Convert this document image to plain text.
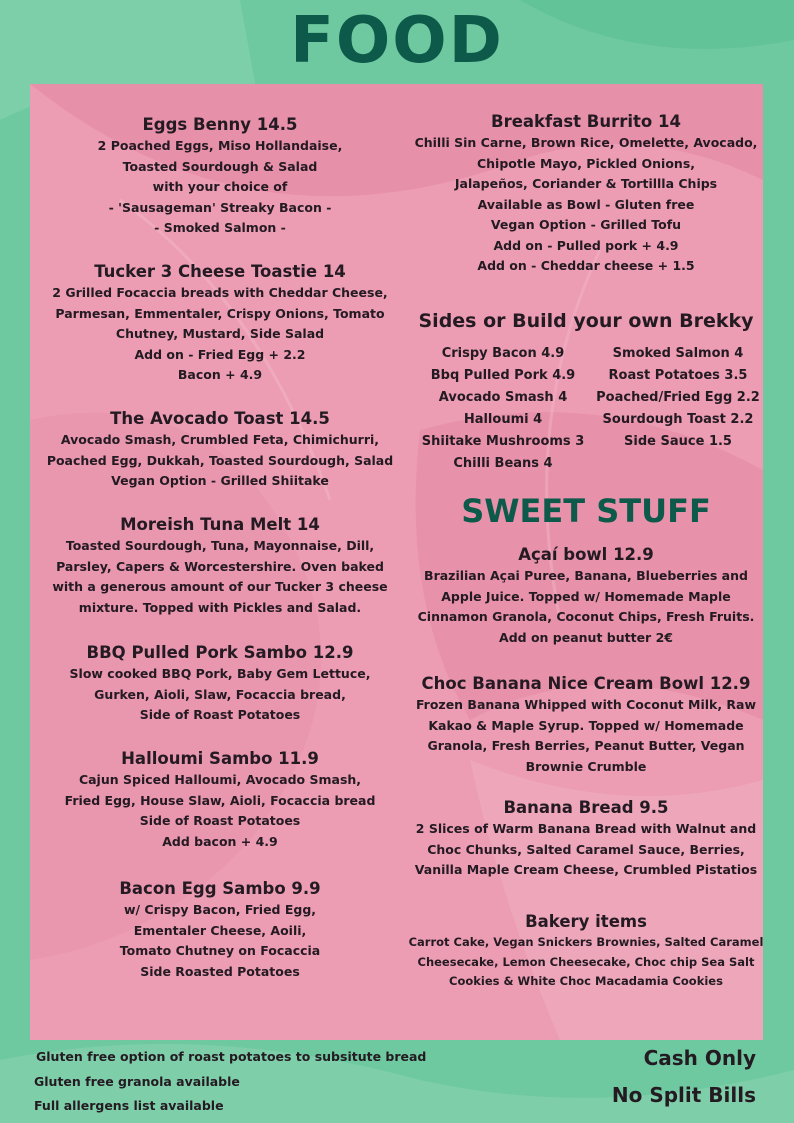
FOOD
Eggs Benny 14.5
2 Poached Eggs, Miso Hollandaise,
Toasted Sourdough & Salad
with your choice of
- 'Sausageman' Streaky Bacon -
- Smoked Salmon -
Tucker 3 Cheese Toastie 14
2 Grilled Focaccia breads with Cheddar Cheese,
Parmesan, Emmentaler, Crispy Onions, Tomato
Chutney, Mustard, Side Salad
Add on - Fried Egg + 2.2
Bacon + 4.9
The Avocado Toast 14.5
Avocado Smash, Crumbled Feta, Chimichurri,
Poached Egg, Dukkah, Toasted Sourdough, Salad
Vegan Option - Grilled Shiitake
Moreish Tuna Melt 14
Toasted Sourdough, Tuna, Mayonnaise, Dill,
Parsley, Capers & Worcestershire. Oven baked
with a generous amount of our Tucker 3 cheese
mixture. Topped with Pickles and Salad.
BBQ Pulled Pork Sambo 12.9
Slow cooked BBQ Pork, Baby Gem Lettuce,
Gurken, Aioli, Slaw, Focaccia bread,
Side of Roast Potatoes
Halloumi Sambo 11.9
Cajun Spiced Halloumi, Avocado Smash,
Fried Egg, House Slaw, Aioli, Focaccia bread
Side of Roast Potatoes
Add bacon + 4.9
Bacon Egg Sambo 9.9
w/ Crispy Bacon, Fried Egg,
Ementaler Cheese, Aoili,
Tomato Chutney on Focaccia
Side Roasted Potatoes
Breakfast Burrito 14
Chilli Sin Carne, Brown Rice, Omelette, Avocado,
Chipotle Mayo, Pickled Onions,
Jalapeños, Coriander & Tortillla Chips
Available as Bowl - Gluten free
Vegan Option - Grilled Tofu
Add on - Pulled pork + 4.9
Add on - Cheddar cheese + 1.5
Açaí bowl 12.9
Brazilian Açai Puree, Banana, Blueberries and
Apple Juice. Topped w/ Homemade Maple
Cinnamon Granola, Coconut Chips, Fresh Fruits.
Add on peanut butter 2€
Choc Banana Nice Cream Bowl 12.9
Frozen Banana Whipped with Coconut Milk, Raw
Kakao & Maple Syrup. Topped w/ Homemade
Granola, Fresh Berries, Peanut Butter, Vegan
Brownie Crumble
Banana Bread 9.5
2 Slices of Warm Banana Bread with Walnut and
Choc Chunks, Salted Caramel Sauce, Berries,
Vanilla Maple Cream Cheese, Crumbled Pistatios
Bakery items
Carrot Cake, Vegan Snickers Brownies, Salted Caramel
Cheesecake, Lemon Cheesecake, Choc chip Sea Salt
Cookies & White Choc Macadamia Cookies
Sides or Build your own Brekky
Crispy Bacon 4.9
Bbq Pulled Pork 4.9
Avocado Smash 4
Halloumi 4
Shiitake Mushrooms 3
Chilli Beans 4
Smoked Salmon 4
Roast Potatoes 3.5
Poached/Fried Egg 2.2
Sourdough Toast 2.2
Side Sauce 1.5
SWEET STUFF
Gluten free option of roast potatoes to subsitute bread
Gluten free granola available
Full allergens list available
Cash Only
No Split Bills
